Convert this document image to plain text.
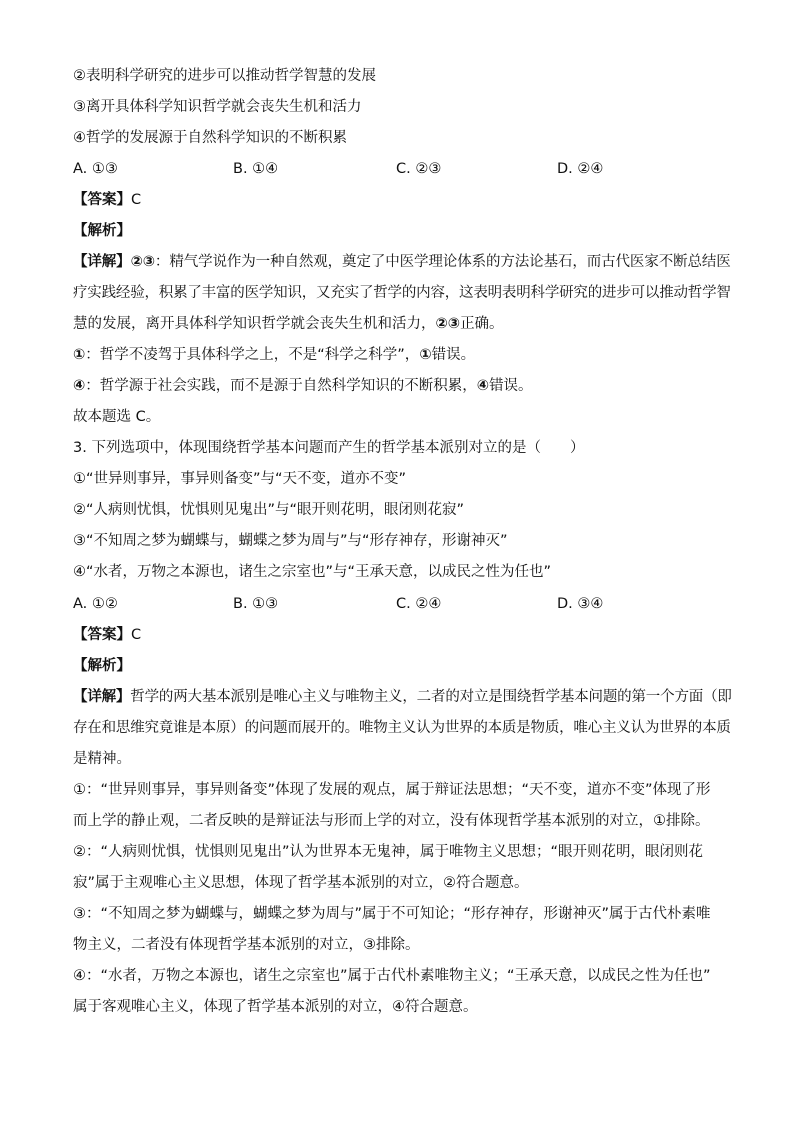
②表明科学研究的进步可以推动哲学智慧的发展
③离开具体科学知识哲学就会丧失生机和活力
④哲学的发展源于自然科学知识的不断积累
A. ①③	B. ①④	C. ②③	D. ②④
【答案】C
【解析】
【详解】②③：精气学说作为一种自然观，奠定了中医学理论体系的方法论基石，而古代医家不断总结医
疗实践经验，积累了丰富的医学知识，又充实了哲学的内容，这表明表明科学研究的进步可以推动哲学智
慧的发展，离开具体科学知识哲学就会丧失生机和活力，②③正确。
①：哲学不凌驾于具体科学之上，不是“科学之科学”，①错误。
④：哲学源于社会实践，而不是源于自然科学知识的不断积累，④错误。
故本题选 C。
3. 下列选项中，体现围绕哲学基本问题而产生的哲学基本派别对立的是（　　）
①“世异则事异，事异则备变”与“天不变，道亦不变”
②“人病则忧惧，忧惧则见鬼出”与“眼开则花明，眼闭则花寂”
③“不知周之梦为蝴蝶与，蝴蝶之梦为周与”与“形存神存，形谢神灭”
④“水者，万物之本源也，诸生之宗室也”与“王承天意，以成民之性为任也”
A. ①②	B. ①③	C. ②④	D. ③④
【答案】C
【解析】
【详解】哲学的两大基本派别是唯心主义与唯物主义，二者的对立是围绕哲学基本问题的第一个方面（即
存在和思维究竟谁是本原）的问题而展开的。唯物主义认为世界的本质是物质，唯心主义认为世界的本质
是精神。
①：“世异则事异，事异则备变”体现了发展的观点，属于辩证法思想；“天不变，道亦不变”体现了形
而上学的静止观，二者反映的是辩证法与形而上学的对立，没有体现哲学基本派别的对立，①排除。
②：“人病则忧惧，忧惧则见鬼出”认为世界本无鬼神，属于唯物主义思想；“眼开则花明，眼闭则花
寂”属于主观唯心主义思想，体现了哲学基本派别的对立，②符合题意。
③：“不知周之梦为蝴蝶与，蝴蝶之梦为周与”属于不可知论；“形存神存，形谢神灭”属于古代朴素唯
物主义，二者没有体现哲学基本派别的对立，③排除。
④：“水者，万物之本源也，诸生之宗室也”属于古代朴素唯物主义；“王承天意，以成民之性为任也”
属于客观唯心主义，体现了哲学基本派别的对立，④符合题意。
